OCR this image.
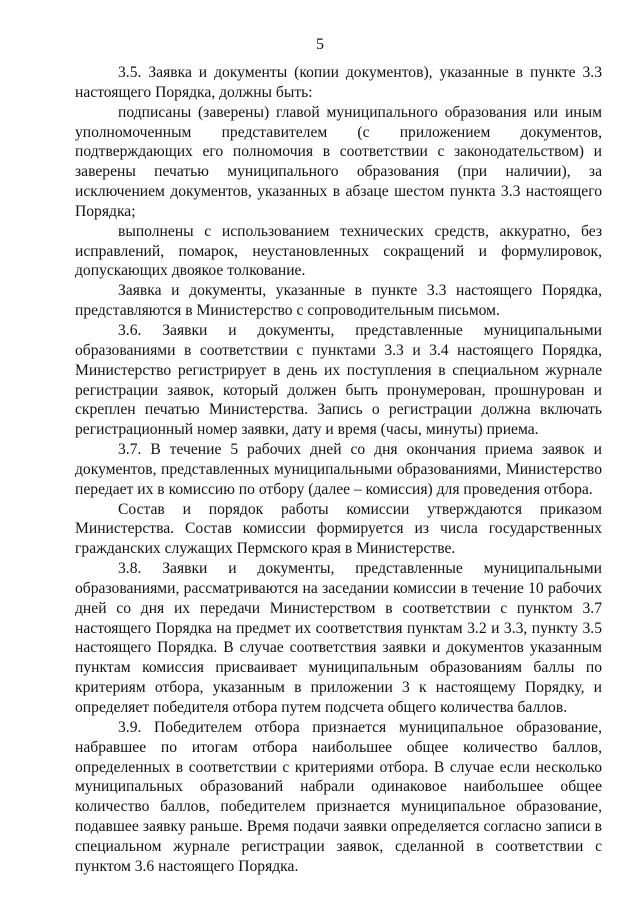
5

3.5. Заявка и документы (копии документов), указанные в пункте 3.3 настоящего Порядка, должны быть:

подписаны (заверены) главой муниципального образования или иным уполномоченным представителем (с приложением документов, подтверждающих его полномочия в соответствии с законодательством) и заверены печатью муниципального образования (при наличии), за исключением документов, указанных в абзаце шестом пункта 3.3 настоящего Порядка;

выполнены с использованием технических средств, аккуратно, без исправлений, помарок, неустановленных сокращений и формулировок, допускающих двоякое толкование.

Заявка и документы, указанные в пункте 3.3 настоящего Порядка, представляются в Министерство с сопроводительным письмом.

3.6. Заявки и документы, представленные муниципальными образованиями в соответствии с пунктами 3.3 и 3.4 настоящего Порядка, Министерство регистрирует в день их поступления в специальном журнале регистрации заявок, который должен быть пронумерован, прошнурован и скреплен печатью Министерства. Запись о регистрации должна включать регистрационный номер заявки, дату и время (часы, минуты) приема.

3.7. В течение 5 рабочих дней со дня окончания приема заявок и документов, представленных муниципальными образованиями, Министерство передает их в комиссию по отбору (далее – комиссия) для проведения отбора.

Состав и порядок работы комиссии утверждаются приказом Министерства. Состав комиссии формируется из числа государственных гражданских служащих Пермского края в Министерстве.

3.8. Заявки и документы, представленные муниципальными образованиями, рассматриваются на заседании комиссии в течение 10 рабочих дней со дня их передачи Министерством в соответствии с пунктом 3.7 настоящего Порядка на предмет их соответствия пунктам 3.2 и 3.3, пункту 3.5 настоящего Порядка. В случае соответствия заявки и документов указанным пунктам комиссия присваивает муниципальным образованиям баллы по критериям отбора, указанным в приложении 3 к настоящему Порядку, и определяет победителя отбора путем подсчета общего количества баллов.

3.9. Победителем отбора признается муниципальное образование, набравшее по итогам отбора наибольшее общее количество баллов, определенных в соответствии с критериями отбора. В случае если несколько муниципальных образований набрали одинаковое наибольшее общее количество баллов, победителем признается муниципальное образование, подавшее заявку раньше. Время подачи заявки определяется согласно записи в специальном журнале регистрации заявок, сделанной в соответствии с пунктом 3.6 настоящего Порядка.
